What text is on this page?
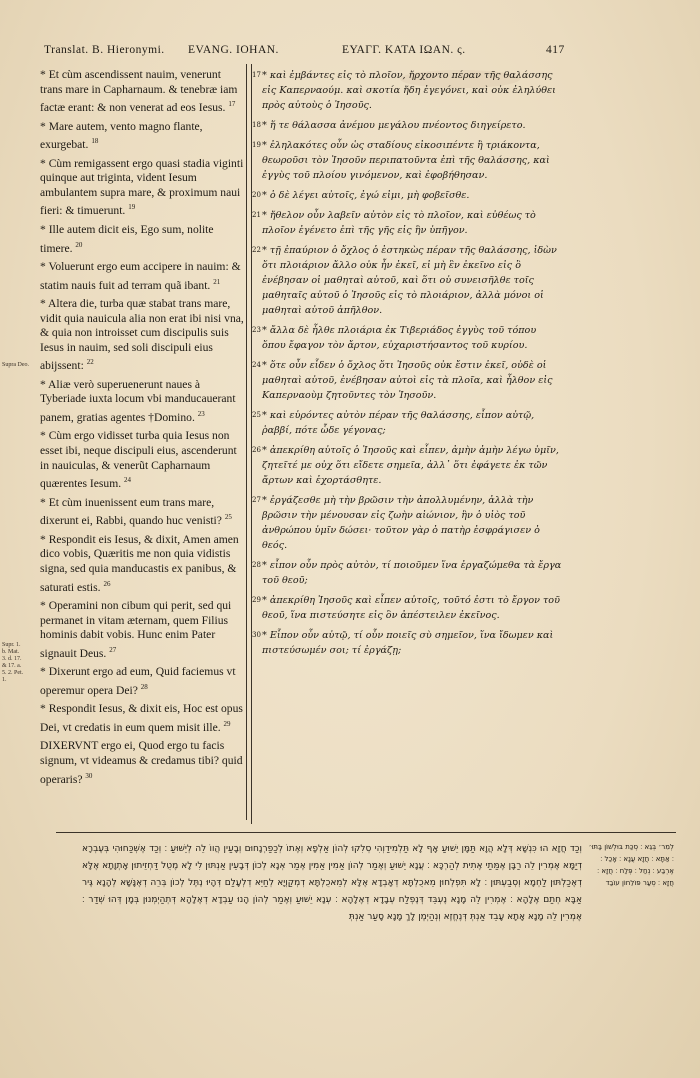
Translat. B. Hieronymi. EVANG. IOHAN.	ΕΥΑΓΓ. ΚΑΤΑ ΙΩΑΝ. ς.	417
Supra Deo.
Supr. 1. b. Mat. 3. d. 17. & 17. a. 5. 2. Pet. 1.

* Et cùm ascendissent nauim, venerunt trans mare in Capharnaum. & tenebræ iam factæ erant: & non venerat ad eos Iesus. $^{17}$

* Mare autem, vento magno flante, exurgebat. $^{18}$

* Cùm remigassent ergo quasi stadia viginti quinque aut triginta, vident Iesum ambulantem supra mare, & proximum naui fieri: & timuerunt. $^{19}$

* Ille autem dicit eis, Ego sum, nolite timere. $^{20}$

* Voluerunt ergo eum accipere in nauim: & statim nauis fuit ad terram quã ibant. $^{21}$

* Altera die, turba quæ stabat trans mare, vidit quia nauicula alia non erat ibi nisi vna, & quia non introisset cum discipulis suis Iesus in nauim, sed soli discipuli eius abijssent: $^{22}$

* Aliæ verò superuenerunt naues à Tyberiade iuxta locum vbi manducauerant panem, gratias agentes †Domino. $^{23}$

* Cùm ergo vidisset turba quia Iesus non esset ibi, neque discipuli eius, ascenderunt in nauiculas, & venerũt Capharnaum quærentes Iesum. $^{24}$

* Et cùm inuenissent eum trans mare, dixerunt ei, Rabbi, quando huc venisti? $^{25}$

* Respondit eis Iesus, & dixit, Amen amen dico vobis, Quæritis me non quia vidistis signa, sed quia manducastis ex panibus, & saturati estis. $^{26}$

* Operamini non cibum qui perit, sed qui permanet in vitam æternam, quem Filius hominis dabit vobis. Hunc enim Pater signauit Deus. $^{27}$

* Dixerunt ergo ad eum, Quid faciemus vt operemur opera Dei? $^{28}$

* Respondit Iesus, & dixit eis, Hoc est opus Dei, vt credatis in eum quem misit ille. $^{29}$

DIXERVNT ergo ei, Quod ergo tu facis signum, vt videamus & credamus tibi? quid operaris? $^{30}$

17 * καὶ ἐμβάντες εἰς τὸ πλοῖον, ἤρχοντο πέραν τῆς θαλάσσης εἰς Καπερναούμ. καὶ σκοτία ἤδη ἐγεγόνει, καὶ οὐκ ἐληλύθει πρὸς αὐτοὺς ὁ Ἰησοῦς.
18 * ἥ τε θάλασσα ἀνέμου μεγάλου πνέοντος διηγείρετο.
19 * ἐληλακότες οὖν ὡς σταδίους εἰκοσιπέντε ἢ τριάκοντα, θεωροῦσι τὸν Ἰησοῦν περιπατοῦντα ἐπὶ τῆς θαλάσσης, καὶ ἐγγὺς τοῦ πλοίου γινόμενον, καὶ ἐφοβήθησαν.
20 * ὁ δὲ λέγει αὐτοῖς, ἐγώ εἰμι, μὴ φοβεῖσθε.
21 * ἤθελον οὖν λαβεῖν αὐτὸν εἰς τὸ πλοῖον, καὶ εὐθέως τὸ πλοῖον ἐγένετο ἐπὶ τῆς γῆς εἰς ἣν ὑπῆγον.
22 * τῇ ἐπαύριον ὁ ὄχλος ὁ ἑστηκὼς πέραν τῆς θαλάσσης, ἰδὼν ὅτι πλοιάριον ἄλλο οὐκ ἦν ἐκεῖ, εἰ μὴ ἓν ἐκεῖνο εἰς ὃ ἐνέβησαν οἱ μαθηταὶ αὐτοῦ, καὶ ὅτι οὐ συνεισῆλθε τοῖς μαθηταῖς αὐτοῦ ὁ Ἰησοῦς εἰς τὸ πλοιάριον, ἀλλὰ μόνοι οἱ μαθηταὶ αὐτοῦ ἀπῆλθον.
23 * ἄλλα δὲ ἦλθε πλοιάρια ἐκ Τιβεριάδος ἐγγὺς τοῦ τόπου ὅπου ἔφαγον τὸν ἄρτον, εὐχαριστήσαντος τοῦ κυρίου.
24 * ὅτε οὖν εἶδεν ὁ ὄχλος ὅτι Ἰησοῦς οὐκ ἔστιν ἐκεῖ, οὐδὲ οἱ μαθηταὶ αὐτοῦ, ἐνέβησαν αὐτοὶ εἰς τὰ πλοῖα, καὶ ἦλθον εἰς Καπερναοὺμ ζητοῦντες τὸν Ἰησοῦν.
25 * καὶ εὑρόντες αὐτὸν πέραν τῆς θαλάσσης, εἶπον αὐτῷ, ῥαββί, πότε ὧδε γέγονας;
26 * ἀπεκρίθη αὐτοῖς ὁ Ἰησοῦς καὶ εἶπεν, ἀμὴν ἀμὴν λέγω ὑμῖν, ζητεῖτέ με οὐχ ὅτι εἴδετε σημεῖα, ἀλλ᾽ ὅτι ἐφάγετε ἐκ τῶν ἄρτων καὶ ἐχορτάσθητε.
27 * ἐργάζεσθε μὴ τὴν βρῶσιν τὴν ἀπολλυμένην, ἀλλὰ τὴν βρῶσιν τὴν μένουσαν εἰς ζωὴν αἰώνιον, ἣν ὁ υἱὸς τοῦ ἀνθρώπου ὑμῖν δώσει· τοῦτον γὰρ ὁ πατὴρ ἐσφράγισεν ὁ θεός.
28 * εἶπον οὖν πρὸς αὐτὸν, τί ποιοῦμεν ἵνα ἐργαζώμεθα τὰ ἔργα τοῦ θεοῦ;
29 * ἀπεκρίθη Ἰησοῦς καὶ εἶπεν αὐτοῖς, τοῦτό ἐστι τὸ ἔργον τοῦ θεοῦ, ἵνα πιστεύσητε εἰς ὃν ἀπέστειλεν ἐκεῖνος.
30 * Εἶπον οὖν αὐτῷ, τί οὖν ποιεῖς σὺ σημεῖον, ἵνα ἴδωμεν καὶ πιστεύσωμέν σοι; τί ἐργάζῃ;
וְכַד חֲזָא הוּ כִּנְשָׁא דְּלָא הֲוָא תַּמָּן יֵשׁוּעַ אָף לָא תַּלְמִידַוְהִי סְלִקוּ לְהוֹן אַלְפָא וְאֶתוֹ לְכַפַרְנָחוּם וְבָעַין הֲווֹ לֵה לְיֵשׁוּעַ ׃ וְכַד אֶשְׁכַּחוּהִי בְּעֶבְרָא דְיַמָּא אֶמְרִין לֵה רַבָּן אֶמַּתַי אֶתִית לְהַרְכָּא ׃ עֲנָא יֵשׁוּעַ וְאֶמַר לְהוֹן אַמִין אַמִין אֶמַר אְנָא לְכוֹן דְּבָעֵין אַנְתּוּן לִי לָא מֶטֻל דַּחְזֵיתוּן אָתְוָתָא אֶלָּא דְאֶכַלְתּוּן לַחְמָא וְסְבַעְתּוּן ׃ לָא תִּפְלְחוּן מֵאכֻלְתָּא דְאָבְדָא אֶלָּא לְמֵאכֻלְתָּא דְמְקַוְיָא לְחַיֵּא דְלְעָלַם דְּהָיוּ נֶתֶּל לְכוֹן בְּרֵה דְאֶנָּשָׁא לְהָנָא גֶּיר אַבָּא חְתַם אֶלָהָא ׃ אֶמְרִין לֵה מָנָא נֶעְבֵּד דְּנֶפְלַח עְבָדָא דְאֶלָהָא ׃ עְנָא יֵשׁוּעַ וְאֶמַר לְהוֹן הָנוּ עַבְדָא דְאֶלָהָא דְּתְהַיְמְנוּן בְּמָן דְּהוּ שְׁדַר ׃ אֶמְרִין לֵה מָנָא אָתָא עָבֵד אַנְתְּ דְּנֶחֱזֶא וְנְהַיְמֶן לָךְ מָנָא סָעַר אַנְתְּ
לְמִר׳ בְּגֵא ׃ סְכַּת בּוּלְשׁוֹן בַּתּוּ׳ ׃ אַתָּא ׃ חֲזָא עֲנָא ׃ אָכַל ׃ אֶרְבַע ׃ נְחַל ׃ פְּלַח ׃ חֲזָא ׃ חֲזָא ׃ סְעַר פּוֹלֵחוֹן עוֹבַד
